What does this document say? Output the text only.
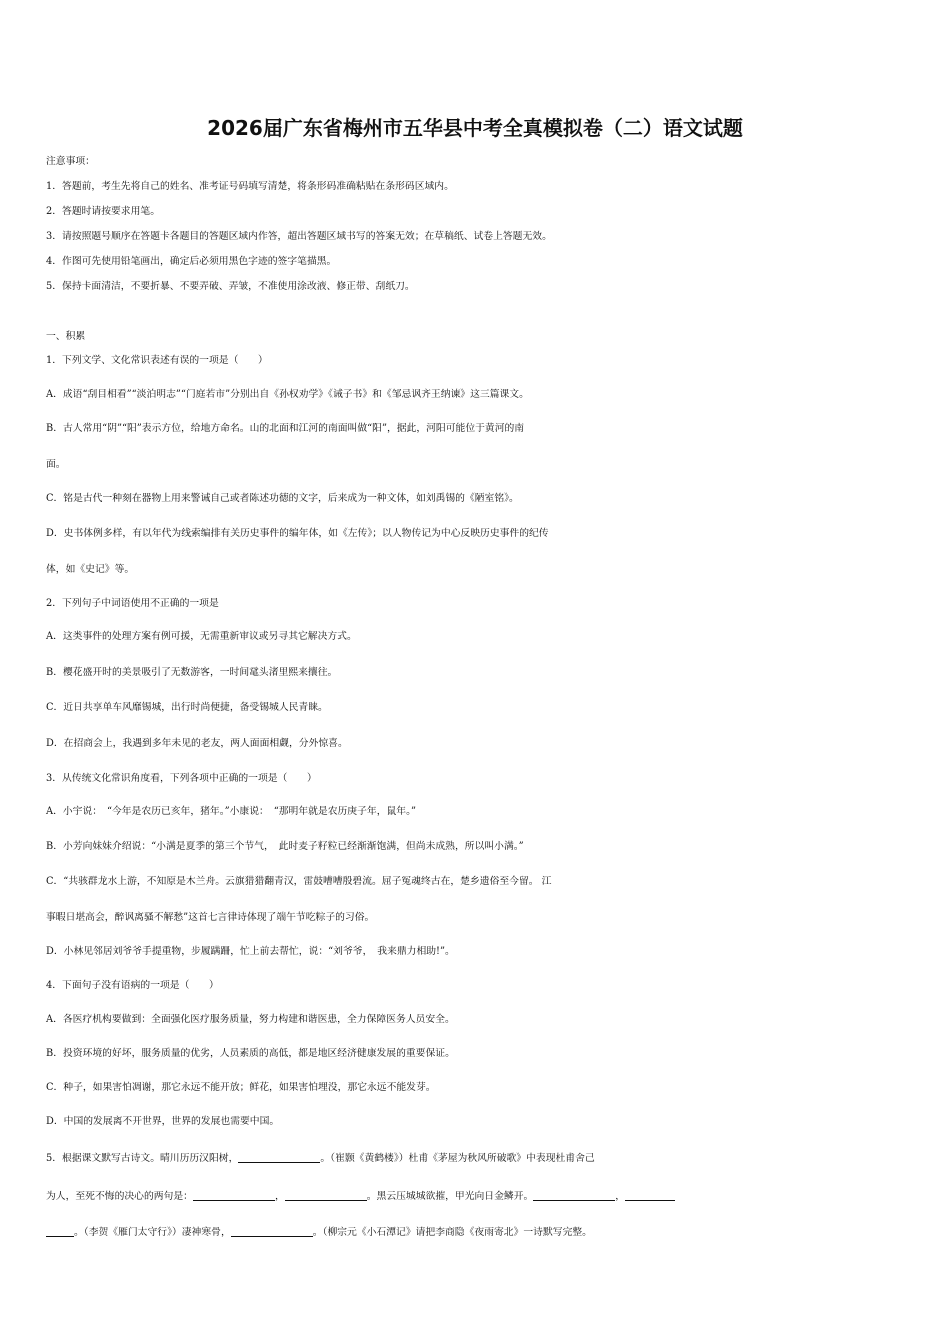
2026届广东省梅州市五华县中考全真模拟卷（二）语文试题
注意事项：
1．答题前，考生先将自己的姓名、准考证号码填写清楚，将条形码准确粘贴在条形码区域内。
2．答题时请按要求用笔。
3．请按照题号顺序在答题卡各题目的答题区域内作答，超出答题区域书写的答案无效；在草稿纸、试卷上答题无效。
4．作图可先使用铅笔画出，确定后必须用黑色字迹的签字笔描黑。
5．保持卡面清洁，不要折暴、不要弄破、弄皱，不准使用涂改液、修正带、刮纸刀。
一、积累
1．下列文学、文化常识表述有误的一项是（　　）
A．成语“刮目相看”“淡泊明志”“门庭若市”分别出自《孙权劝学》《诫子书》和《邹忌讽齐王纳谏》这三篇课文。
B．古人常用“阴”“阳”表示方位，给地方命名。山的北面和江河的南面叫做“阳”，据此，河阳可能位于黄河的南
面。
C．铭是古代一种刻在器物上用来警诫自己或者陈述功德的文字，后来成为一种文体，如刘禹锡的《陋室铭》。
D．史书体例多样，有以年代为线索编排有关历史事件的编年体，如《左传》；以人物传记为中心反映历史事件的纪传
体，如《史记》等。
2．下列句子中词语使用不正确的一项是
A．这类事件的处理方案有例可援，无需重新审议或另寻其它解决方式。
B．樱花盛开时的美景吸引了无数游客，一时间鼋头渚里熙来攘往。
C．近日共享单车风靡锡城，出行时尚便捷，备受锡城人民青睐。
D．在招商会上，我遇到多年未见的老友，两人面面相觑，分外惊喜。
3．从传统文化常识角度看，下列各项中正确的一项是（　　）
A．小宇说：　“今年是农历已亥年，猪年。”小康说：　“那明年就是农历庚子年，鼠年。”
B．小芳向妹妹介绍说：“小满是夏季的第三个节气，　此时麦子籽粒已经渐渐饱满，但尚未成熟，所以叫小满。”
C．“共骇群龙水上游，不知原是木兰舟。云旗猎猎翻青汉，雷鼓嘈嘈殷碧流。屈子冤魂终古在，楚乡遗俗至今留。 江
事暇日堪高会，醉讽离骚不解愁”这首七言律诗体现了端午节吃粽子的习俗。
D．小林见邻居刘爷爷手提重物，步履蹒跚，忙上前去帮忙，说：“刘爷爷，　我来鼎力相助!”。
4．下面句子没有语病的一项是（　　）
A．各医疗机构要做到：全面强化医疗服务质量，努力构建和谐医患，全力保障医务人员安全。
B．投资环境的好坏，服务质量的优劣，人员素质的高低，都是地区经济健康发展的重要保证。
C．种子，如果害怕凋谢，那它永远不能开放；鲜花，如果害怕埋没，那它永远不能发芽。
D．中国的发展离不开世界，世界的发展也需要中国。
5．根据课文默写古诗文。晴川历历汉阳树，	。（崔颢《黄鹤楼》）杜甫《茅屋为秋风所破歌》中表现杜甫舍己
为人，至死不悔的决心的两句是：	，	。黑云压城城欲摧，甲光向日金鳞开。	，
。（李贺《雁门太守行》）凄神寒骨，	。（柳宗元《小石潭记》请把李商隐《夜雨寄北》一诗默写完整。
